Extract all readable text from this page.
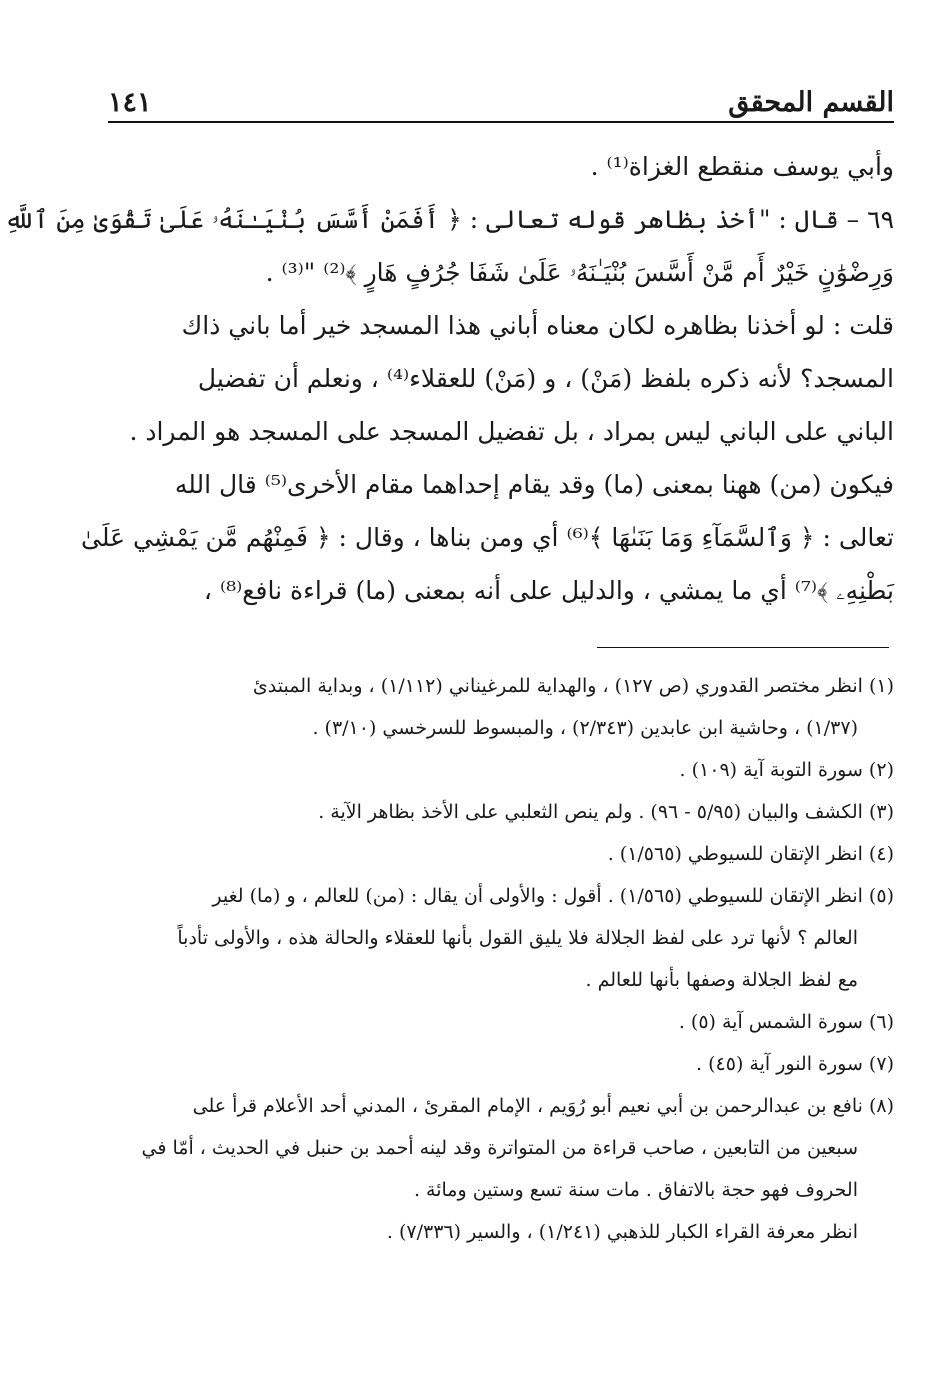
القسم المحقق
١٤١
وأبي يوسف منقطع الغزاة⁽¹⁾ .
٦٩ – قال : "أخذ بظاهر قوله تعالى : ﴿ أَفَمَنْ أَسَّسَ بُنْيَـٰنَهُۥ عَلَىٰ تَقْوَىٰ مِنَ ٱللَّهِ
وَرِضْوَٰنٍ خَيْرٌ أَم مَّنْ أَسَّسَ بُنْيَـٰنَهُۥ عَلَىٰ شَفَا جُرُفٍ هَارٍ ﴾⁽²⁾ "⁽³⁾ .
قلت : لو أخذنا بظاهره لكان معناه أباني هذا المسجد خير أما باني ذاك
المسجد؟ لأنه ذكره بلفظ (مَنْ) ، و (مَنْ) للعقلاء⁽⁴⁾ ، ونعلم أن تفضيل
الباني على الباني ليس بمراد ، بل تفضيل المسجد على المسجد هو المراد .
فيكون (من) ههنا بمعنى (ما) وقد يقام إحداهما مقام الأخرى⁽⁵⁾ قال الله
تعالى : ﴿ وَٱلسَّمَآءِ وَمَا بَنَىٰهَا ﴾⁽⁶⁾ أي ومن بناها ، وقال : ﴿ فَمِنْهُم مَّن يَمْشِي عَلَىٰ
بَطْنِهِۦ ﴾⁽⁷⁾ أي ما يمشي ، والدليل على أنه بمعنى (ما) قراءة نافع⁽⁸⁾ ،
(١) انظر مختصر القدوري (ص ١٢٧) ، والهداية للمرغيناني (١/١١٢) ، وبداية المبتدئ
(١/٣٧) ، وحاشية ابن عابدين (٢/٣٤٣) ، والمبسوط للسرخسي (٣/١٠) .
(٢) سورة التوبة آية (١٠٩) .
(٣) الكشف والبيان (٥/٩٥ - ٩٦) . ولم ينص الثعلبي على الأخذ بظاهر الآية .
(٤) انظر الإتقان للسيوطي (١/٥٦٥) .
(٥) انظر الإتقان للسيوطي (١/٥٦٥) . أقول : والأولى أن يقال : (من) للعالم ، و (ما) لغير
العالم ؟ لأنها ترد على لفظ الجلالة فلا يليق القول بأنها للعقلاء والحالة هذه ، والأولى تأدباً
مع لفظ الجلالة وصفها بأنها للعالم .
(٦) سورة الشمس آية (٥) .
(٧) سورة النور آية (٤٥) .
(٨) نافع بن عبدالرحمن بن أبي نعيم أبو رُوَيم ، الإمام المقرئ ، المدني أحد الأعلام قرأ على
سبعين من التابعين ، صاحب قراءة من المتواترة وقد لينه أحمد بن حنبل في الحديث ، أمّا في
الحروف فهو حجة بالاتفاق . مات سنة تسع وستين ومائة .
انظر معرفة القراء الكبار للذهبي (١/٢٤١) ، والسير (٧/٣٣٦) .
